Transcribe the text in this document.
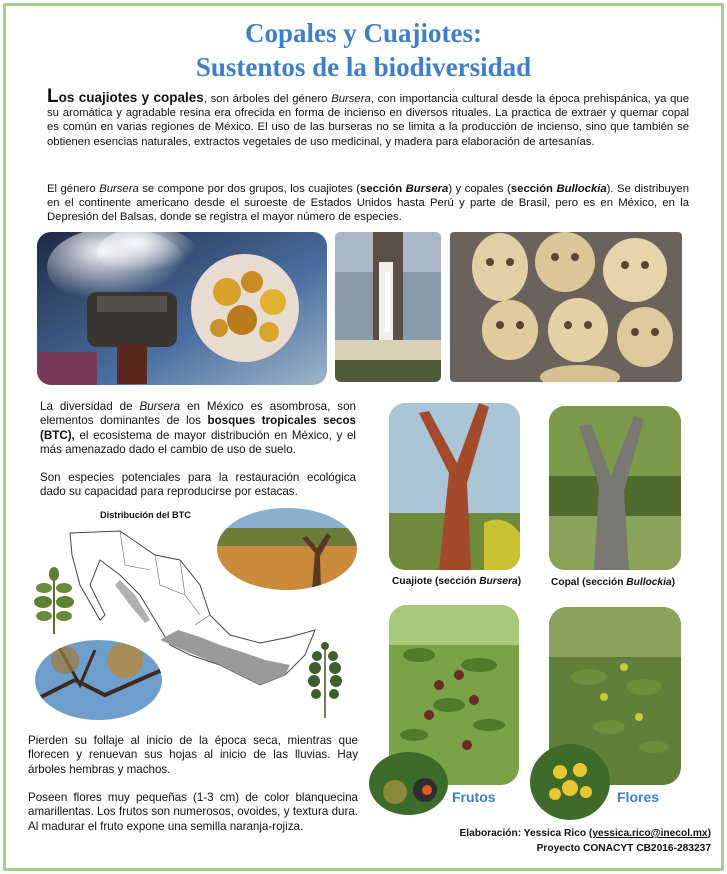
Copales y Cuajiotes:
Sustentos de la biodiversidad
Los cuajiotes y copales, son árboles del género Bursera, con importancia cultural desde la época prehispánica, ya que su aromática y agradable resina era ofrecida en forma de incienso en diversos rituales. La practica de extraer y quemar copal es común en varias regiones de México. El uso de las burseras no se limita a la producción de incienso, sino que también se obtienen esencias naturales, extractos vegetales de uso medicinal, y madera para elaboración de artesanías.
El género Bursera se compone por dos grupos, los cuajiotes (sección Bursera) y copales (sección Bullockia). Se distribuyen en el continente americano desde el suroeste de Estados Unidos hasta Perú y parte de Brasil, pero es en México, en la Depresión del Balsas, donde se registra el mayor número de especies.
La diversidad de Bursera en México es asombrosa, son elementos dominantes de los bosques tropicales secos (BTC), el ecosistema de mayor distribución en México, y el más amenazado dado el cambio de uso de suelo.
Son especies potenciales para la restauración ecológica dado su capacidad para reproducirse por estacas.
Cuajiote (sección Bursera)	Copal (sección Bullockia)
Distribución del BTC
Pierden su follaje al inicio de la época seca, mientras que florecen y renuevan sus hojas al inicio de las lluvias. Hay árboles hembras y machos.
Poseen flores muy pequeñas (1-3 cm) de color blanquecina amarillentas. Los frutos son numerosos, ovoides, y textura dura. Al madurar el fruto expone una semilla naranja-rojiza.
Frutos	Flores
Elaboración: Yessica Rico (yessica.rico@inecol.mx)
Proyecto CONACYT CB2016-283237
